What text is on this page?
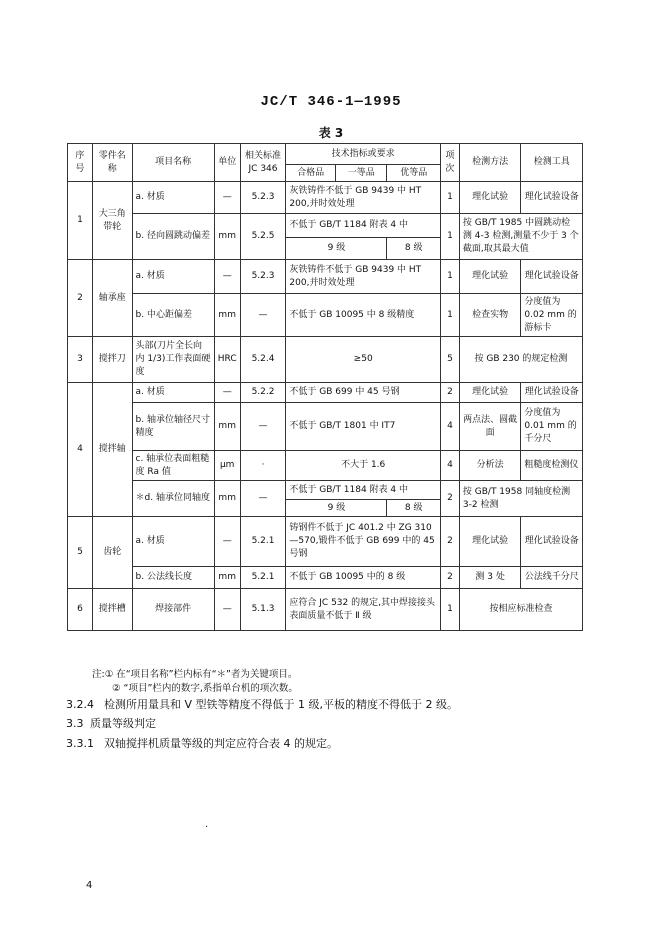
JC/T 346-1—1995
表 3
序号	零件名称	项目名称	单位	相关标准 JC 346	技术指标或要求			项次	检测方法	检测工具
					合格品	一等品	优等品			
1	大三角带轮	a. 材质	—	5.2.3	灰铁铸件不低于 GB 9439 中 HT 200,并时效处理			1	理化试验	理化试验设备
		b. 径向圆跳动偏差	mm	5.2.5	不低于 GB/T 1184 附表 4 中			1	按 GB/T 1985 中圆跳动检测 4-3 检测,测量不少于 3 个截面,取其最大值	
					9 级		8 级			
2	轴承座	a. 材质	—	5.2.3	灰铁铸件不低于 GB 9439 中 HT 200,并时效处理			1	理化试验	理化试验设备
		b. 中心距偏差	mm	—	不低于 GB 10095 中 8 级精度			1	检查实物	分度值为 0.02 mm 的游标卡
3	搅拌刀	头部(刀片全长向内 1/3)工作表面硬度	HRC	5.2.4	≥50			5	按 GB 230 的规定检测	
4	搅拌轴	a. 材质	—	5.2.2	不低于 GB 699 中 45 号钢			2	理化试验	理化试验设备
		b. 轴承位轴径尺寸精度	mm	—	不低于 GB/T 1801 中 IT7			4	两点法、圆截面	分度值为 0.01 mm 的千分尺
		c. 轴承位表面粗糙度 Ra 值	μm	·	不大于 1.6			4	分析法	粗糙度检测仪
		＊d. 轴承位同轴度	mm	—	不低于 GB/T 1184 附表 4 中			2	按 GB/T 1958 同轴度检测 3-2 检测	
					9 级		8 级			
5	齿轮	a. 材质	—	5.2.1	铸钢件不低于 JC 401.2 中 ZG 310—570,锻件不低于 GB 699 中的 45 号钢			2	理化试验	理化试验设备
		b. 公法线长度	mm	5.2.1	不低于 GB 10095 中的 8 级			2	测 3 处	公法线千分尺
6	搅拌槽	焊接部件	—	5.1.3	应符合 JC 532 的规定,其中焊接接头表面质量不低于 Ⅱ 级			1	按相应标准检查	
注:① 在“项目名称”栏内标有“＊”者为关键项目。
② “项目”栏内的数字,系指单台机的项次数。
3.2.4 检测所用量具和 V 型铁等精度不得低于 1 级,平板的精度不得低于 2 级。
3.3 质量等级判定
3.3.1 双轴搅拌机质量等级的判定应符合表 4 的规定。
·
4
